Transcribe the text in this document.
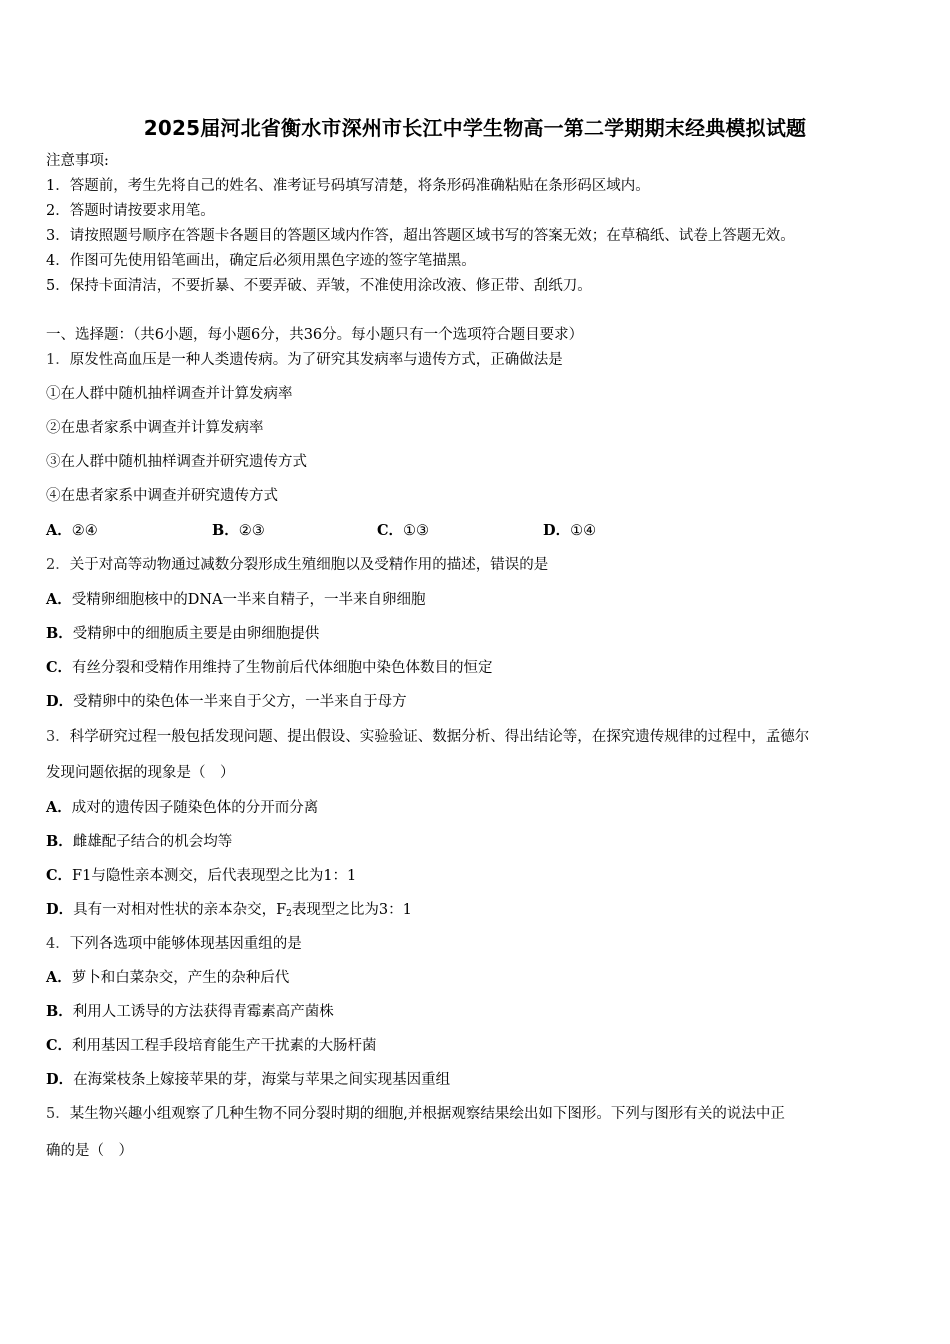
2025届河北省衡水市深州市长江中学生物高一第二学期期末经典模拟试题
注意事项:
1．答题前，考生先将自己的姓名、准考证号码填写清楚，将条形码准确粘贴在条形码区域内。
2．答题时请按要求用笔。
3．请按照题号顺序在答题卡各题目的答题区域内作答，超出答题区域书写的答案无效；在草稿纸、试卷上答题无效。
4．作图可先使用铅笔画出，确定后必须用黑色字迹的签字笔描黑。
5．保持卡面清洁，不要折暴、不要弄破、弄皱，不准使用涂改液、修正带、刮纸刀。
一、选择题：（共6小题，每小题6分，共36分。每小题只有一个选项符合题目要求）
1．原发性高血压是一种人类遗传病。为了研究其发病率与遗传方式，正确做法是
①在人群中随机抽样调查并计算发病率
②在患者家系中调查并计算发病率
③在人群中随机抽样调查并研究遗传方式
④在患者家系中调查并研究遗传方式
A．②④	B．②③	C．①③	D．①④
2．关于对高等动物通过减数分裂形成生殖细胞以及受精作用的描述，错误的是
A．受精卵细胞核中的DNA一半来自精子，一半来自卵细胞
B．受精卵中的细胞质主要是由卵细胞提供
C．有丝分裂和受精作用维持了生物前后代体细胞中染色体数目的恒定
D．受精卵中的染色体一半来自于父方，一半来自于母方
3．科学研究过程一般包括发现问题、提出假设、实验验证、数据分析、得出结论等，在探究遗传规律的过程中，孟德尔
发现问题依据的现象是（　）
A．成对的遗传因子随染色体的分开而分离
B．雌雄配子结合的机会均等
C．F1与隐性亲本测交，后代表现型之比为1：1
D．具有一对相对性状的亲本杂交，$F_2$表现型之比为3：1
4．下列各选项中能够体现基因重组的是
A．萝卜和白菜杂交，产生的杂种后代
B．利用人工诱导的方法获得青霉素高产菌株
C．利用基因工程手段培育能生产干扰素的大肠杆菌
D．在海棠枝条上嫁接苹果的芽，海棠与苹果之间实现基因重组
5．某生物兴趣小组观察了几种生物不同分裂时期的细胞,并根据观察结果绘出如下图形。下列与图形有关的说法中正
确的是（　）
